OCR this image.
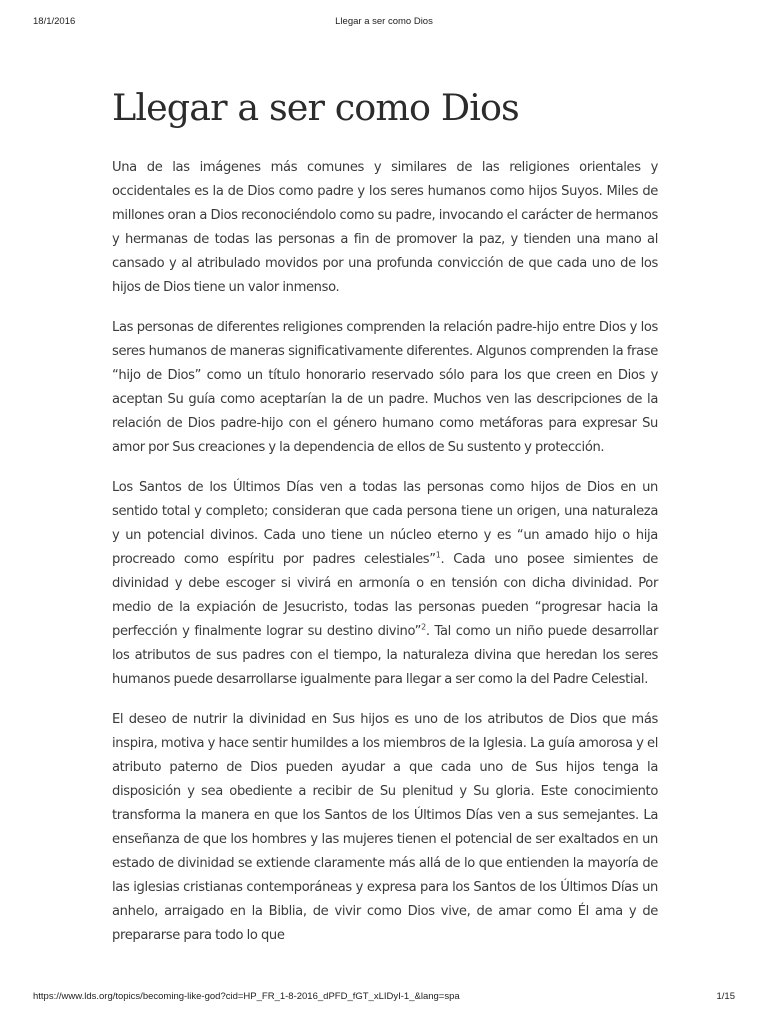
18/1/2016	Llegar a ser como Dios
Llegar a ser como Dios

Una de las imágenes más comunes y similares de las religiones orientales y occidentales es la de Dios como padre y los seres humanos como hijos Suyos. Miles de millones oran a Dios reconociéndolo como su padre, invocando el carácter de hermanos y hermanas de todas las personas a fin de promover la paz, y tienden una mano al cansado y al atribulado movidos por una profunda convicción de que cada uno de los hijos de Dios tiene un valor inmenso.

Las personas de diferentes religiones comprenden la relación padre-hijo entre Dios y los seres humanos de maneras significativamente diferentes. Algunos comprenden la frase “hijo de Dios” como un título honorario reservado sólo para los que creen en Dios y aceptan Su guía como aceptarían la de un padre. Muchos ven las descripciones de la relación de Dios padre-hijo con el género humano como metáforas para expresar Su amor por Sus creaciones y la dependencia de ellos de Su sustento y protección.

Los Santos de los Últimos Días ven a todas las personas como hijos de Dios en un sentido total y completo; consideran que cada persona tiene un origen, una naturaleza y un potencial divinos. Cada uno tiene un núcleo eterno y es “un amado hijo o hija procreado como espíritu por padres celestiales”$^1$. Cada uno posee simientes de divinidad y debe escoger si vivirá en armonía o en tensión con dicha divinidad. Por medio de la expiación de Jesucristo, todas las personas pueden “progresar hacia la perfección y finalmente lograr su destino divino”$^2$. Tal como un niño puede desarrollar los atributos de sus padres con el tiempo, la naturaleza divina que heredan los seres humanos puede desarrollarse igualmente para llegar a ser como la del Padre Celestial.

El deseo de nutrir la divinidad en Sus hijos es uno de los atributos de Dios que más inspira, motiva y hace sentir humildes a los miembros de la Iglesia. La guía amorosa y el atributo paterno de Dios pueden ayudar a que cada uno de Sus hijos tenga la disposición y sea obediente a recibir de Su plenitud y Su gloria. Este conocimiento transforma la manera en que los Santos de los Últimos Días ven a sus semejantes. La enseñanza de que los hombres y las mujeres tienen el potencial de ser exaltados en un estado de divinidad se extiende claramente más allá de lo que entienden la mayoría de las iglesias cristianas contemporáneas y expresa para los Santos de los Últimos Días un anhelo, arraigado en la Biblia, de vivir como Dios vive, de amar como Él ama y de prepararse para todo lo que

https://www.lds.org/topics/becoming-like-god?cid=HP_FR_1-8-2016_dPFD_fGT_xLIDyI-1_&lang=spa	1/15
